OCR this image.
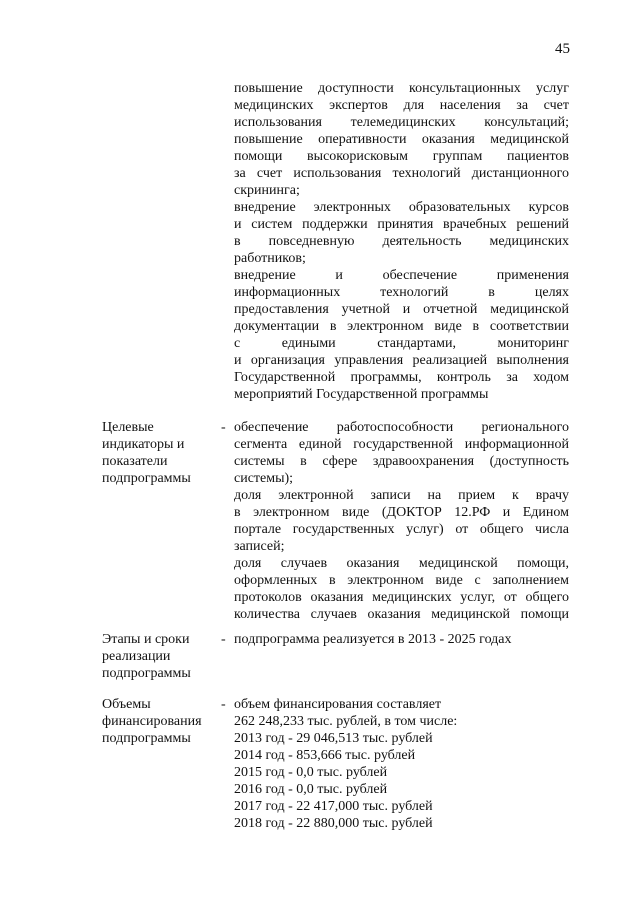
45
повышение доступности консультационных услуг
медицинских экспертов для населения за счет
использования телемедицинских консультаций;
повышение оперативности оказания медицинской
помощи высокорисковым группам пациентов
за счет использования технологий дистанционного
скрининга;
внедрение электронных образовательных курсов
и систем поддержки принятия врачебных решений
в повседневную деятельность медицинских
работников;
внедрение и обеспечение применения
информационных технологий в целях
предоставления учетной и отчетной медицинской
документации в электронном виде в соответствии
с едиными стандартами, мониторинг
и организация управления реализацией выполнения
Государственной программы, контроль за ходом
мероприятий Государственной программы
Целевые
индикаторы и
показатели
подпрограммы
- обеспечение работоспособности регионального
сегмента единой государственной информационной
системы в сфере здравоохранения (доступность
системы);
доля электронной записи на прием к врачу
в электронном виде (ДОКТОР 12.РФ и Едином
портале государственных услуг) от общего числа
записей;
доля случаев оказания медицинской помощи,
оформленных в электронном виде с заполнением
протоколов оказания медицинских услуг, от общего
количества случаев оказания медицинской помощи
Этапы и сроки
реализации
подпрограммы
- подпрограмма реализуется в 2013 - 2025 годах
Объемы
финансирования
подпрограммы
- объем финансирования составляет
262 248,233 тыс. рублей, в том числе:
2013 год - 29 046,513 тыс. рублей
2014 год - 853,666 тыс. рублей
2015 год - 0,0 тыс. рублей
2016 год - 0,0 тыс. рублей
2017 год - 22 417,000 тыс. рублей
2018 год - 22 880,000 тыс. рублей
